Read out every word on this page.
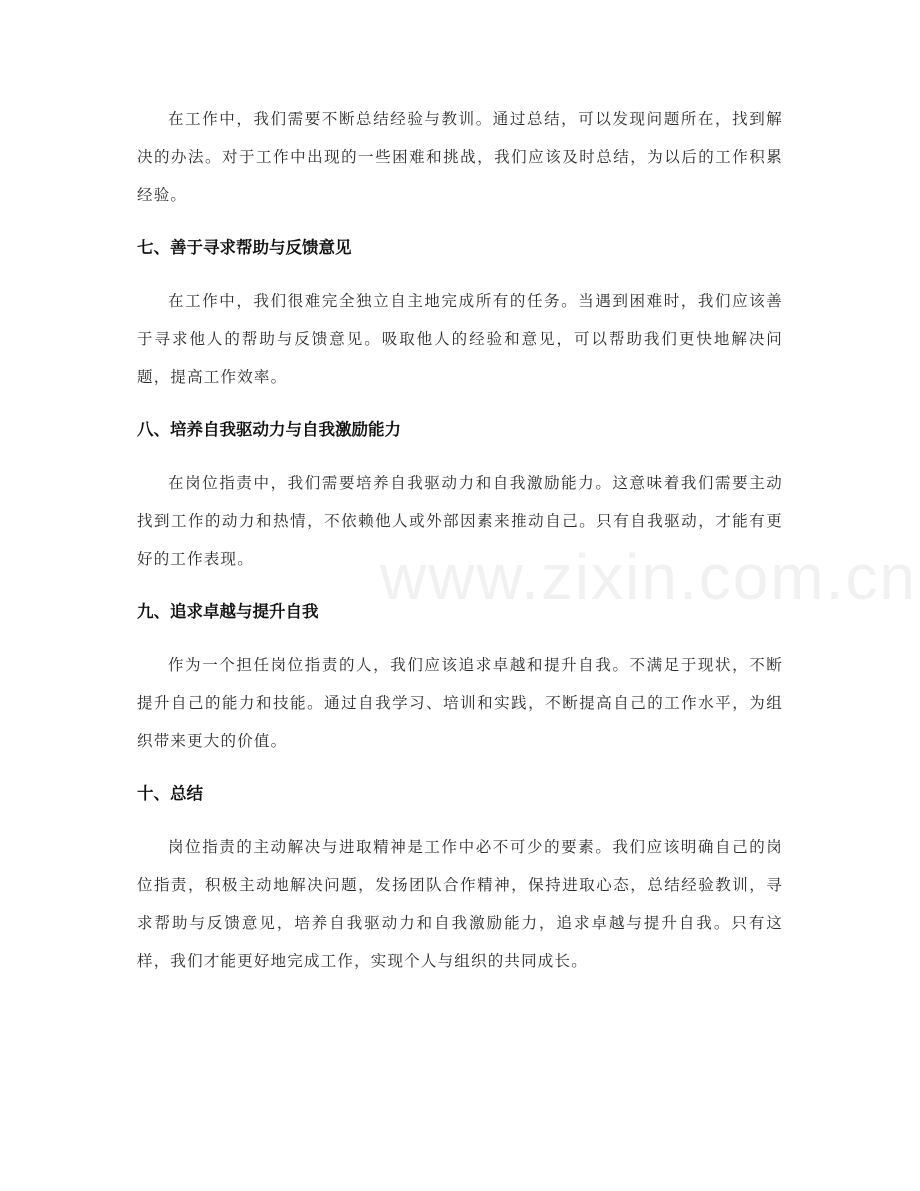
www.zixin.com.cn

在工作中，我们需要不断总结经验与教训。通过总结，可以发现问题所在，找到解决的办法。对于工作中出现的一些困难和挑战，我们应该及时总结，为以后的工作积累经验。

七、善于寻求帮助与反馈意见

在工作中，我们很难完全独立自主地完成所有的任务。当遇到困难时，我们应该善于寻求他人的帮助与反馈意见。吸取他人的经验和意见，可以帮助我们更快地解决问题，提高工作效率。

八、培养自我驱动力与自我激励能力

在岗位指责中，我们需要培养自我驱动力和自我激励能力。这意味着我们需要主动找到工作的动力和热情，不依赖他人或外部因素来推动自己。只有自我驱动，才能有更好的工作表现。

九、追求卓越与提升自我

作为一个担任岗位指责的人，我们应该追求卓越和提升自我。不满足于现状，不断提升自己的能力和技能。通过自我学习、培训和实践，不断提高自己的工作水平，为组织带来更大的价值。

十、总结

岗位指责的主动解决与进取精神是工作中必不可少的要素。我们应该明确自己的岗位指责，积极主动地解决问题，发扬团队合作精神，保持进取心态，总结经验教训，寻求帮助与反馈意见，培养自我驱动力和自我激励能力，追求卓越与提升自我。只有这样，我们才能更好地完成工作，实现个人与组织的共同成长。
